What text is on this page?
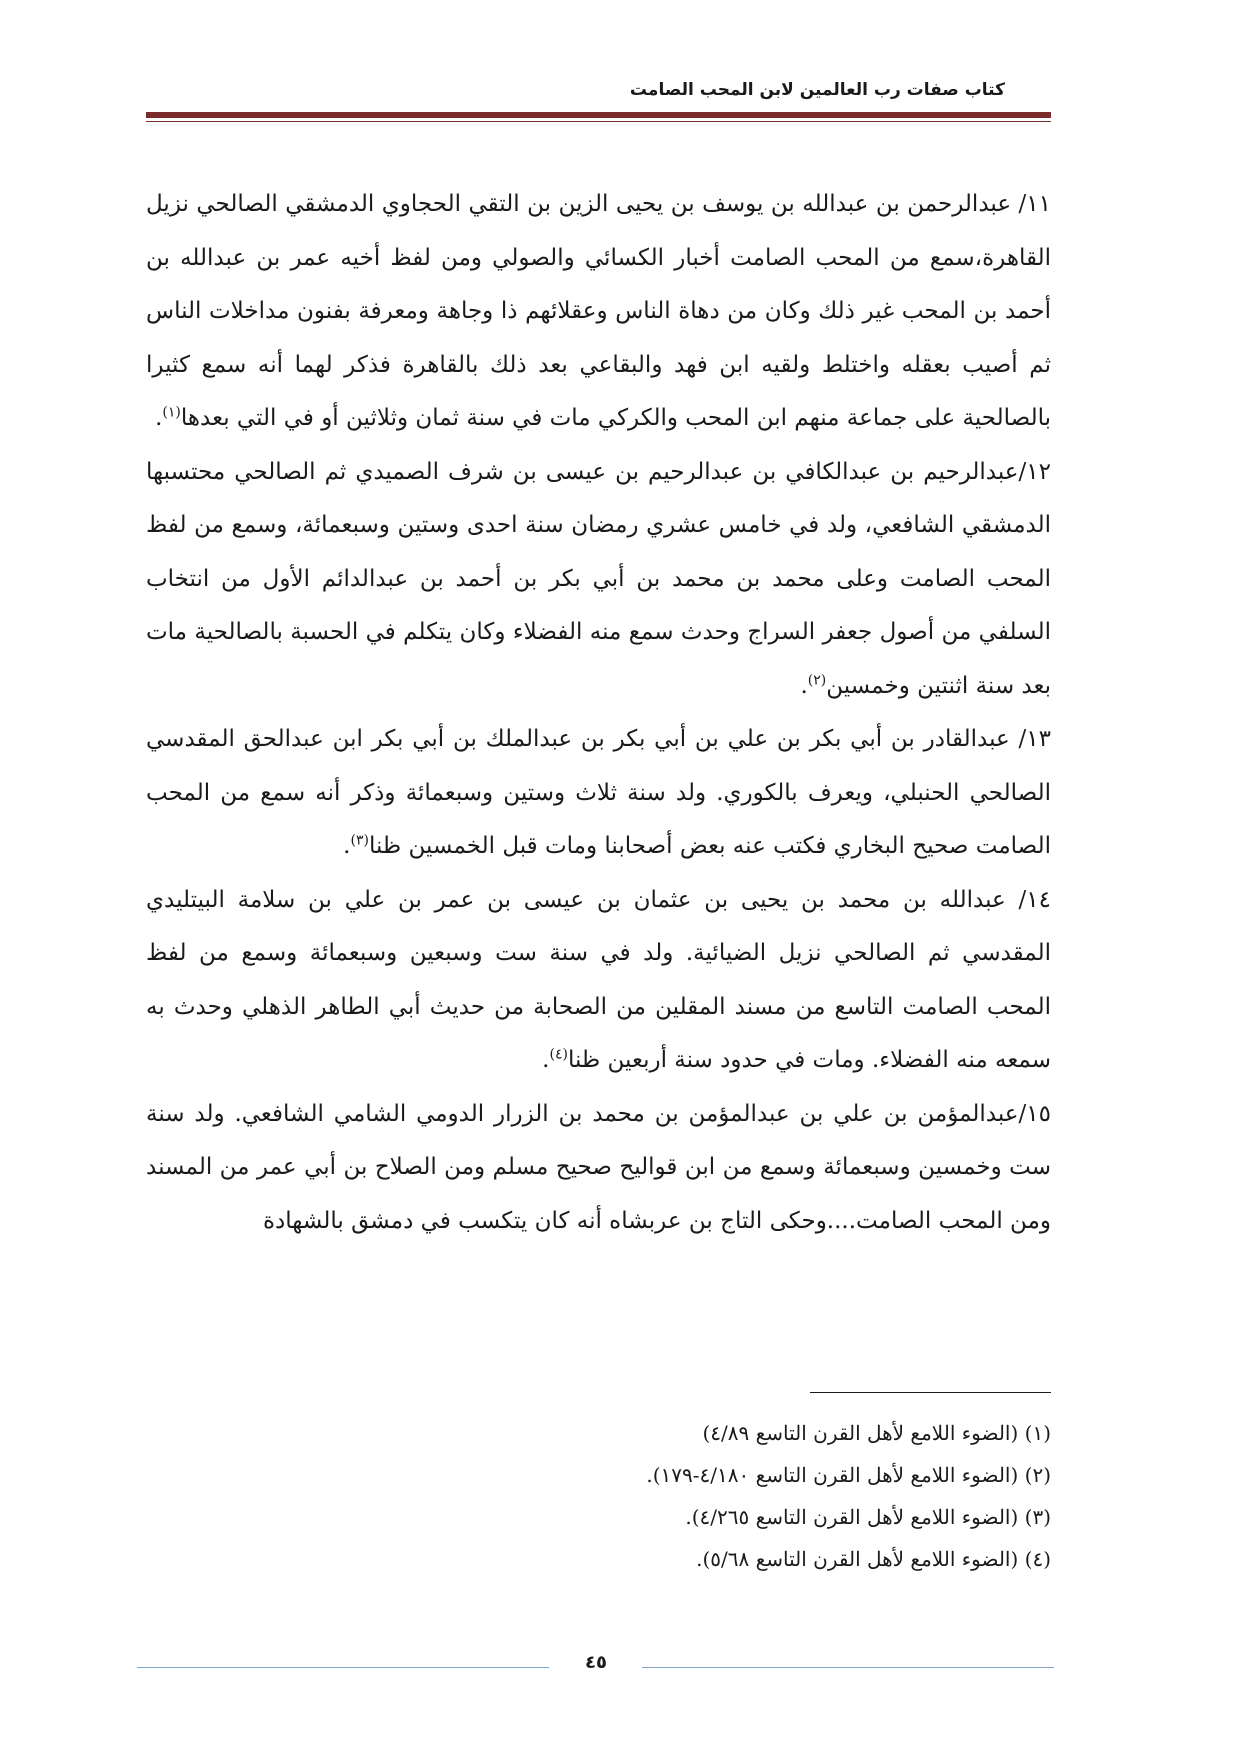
كتاب صفات رب العالمين لابن المحب الصامت

١١/ عبدالرحمن بن عبدالله بن يوسف بن يحيى الزين بن التقي الحجاوي الدمشقي الصالحي نزيل القاهرة،سمع من المحب الصامت أخبار الكسائي والصولي ومن لفظ أخيه عمر بن عبدالله بن أحمد بن المحب غير ذلك وكان من دهاة الناس وعقلائهم ذا وجاهة ومعرفة بفنون مداخلات الناس ثم أصيب بعقله واختلط ولقيه ابن فهد والبقاعي بعد ذلك بالقاهرة فذكر لهما أنه سمع كثيرا بالصالحية على جماعة منهم ابن المحب والكركي مات في سنة ثمان وثلاثين أو في التي بعدها$^{(١)}$.

١٢/عبدالرحيم بن عبدالكافي بن عبدالرحيم بن عيسى بن شرف الصميدي ثم الصالحي محتسبها الدمشقي الشافعي، ولد في خامس عشري رمضان سنة احدى وستين وسبعمائة، وسمع من لفظ المحب الصامت وعلى محمد بن محمد بن أبي بكر بن أحمد بن عبدالدائم الأول من انتخاب السلفي من أصول جعفر السراج وحدث سمع منه الفضلاء وكان يتكلم في الحسبة بالصالحية مات بعد سنة اثنتين وخمسين$^{(٢)}$.

١٣/ عبدالقادر بن أبي بكر بن علي بن أبي بكر بن عبدالملك بن أبي بكر ابن عبدالحق المقدسي الصالحي الحنبلي، ويعرف بالكوري. ولد سنة ثلاث وستين وسبعمائة وذكر أنه سمع من المحب الصامت صحيح البخاري فكتب عنه بعض أصحابنا ومات قبل الخمسين ظنا$^{(٣)}$.

١٤/ عبدالله بن محمد بن يحيى بن عثمان بن عيسى بن عمر بن علي بن سلامة البيتليدي المقدسي ثم الصالحي نزيل الضيائية. ولد في سنة ست وسبعين وسبعمائة وسمع من لفظ المحب الصامت التاسع من مسند المقلين من الصحابة من حديث أبي الطاهر الذهلي وحدث به سمعه منه الفضلاء. ومات في حدود سنة أربعين ظنا$^{(٤)}$.

١٥/عبدالمؤمن بن علي بن عبدالمؤمن بن محمد بن الزرار الدومي الشامي الشافعي. ولد سنة ست وخمسين وسبعمائة وسمع من ابن قواليح صحيح مسلم ومن الصلاح بن أبي عمر من المسند ومن المحب الصامت....وحكى التاج بن عربشاه أنه كان يتكسب في دمشق بالشهادة

(١) (الضوء اللامع لأهل القرن التاسع ٤/٨٩)

(٢) (الضوء اللامع لأهل القرن التاسع ٤/١٨٠-١٧٩).

(٣) (الضوء اللامع لأهل القرن التاسع ٤/٢٦٥).

(٤) (الضوء اللامع لأهل القرن التاسع ٥/٦٨).

٤٥
